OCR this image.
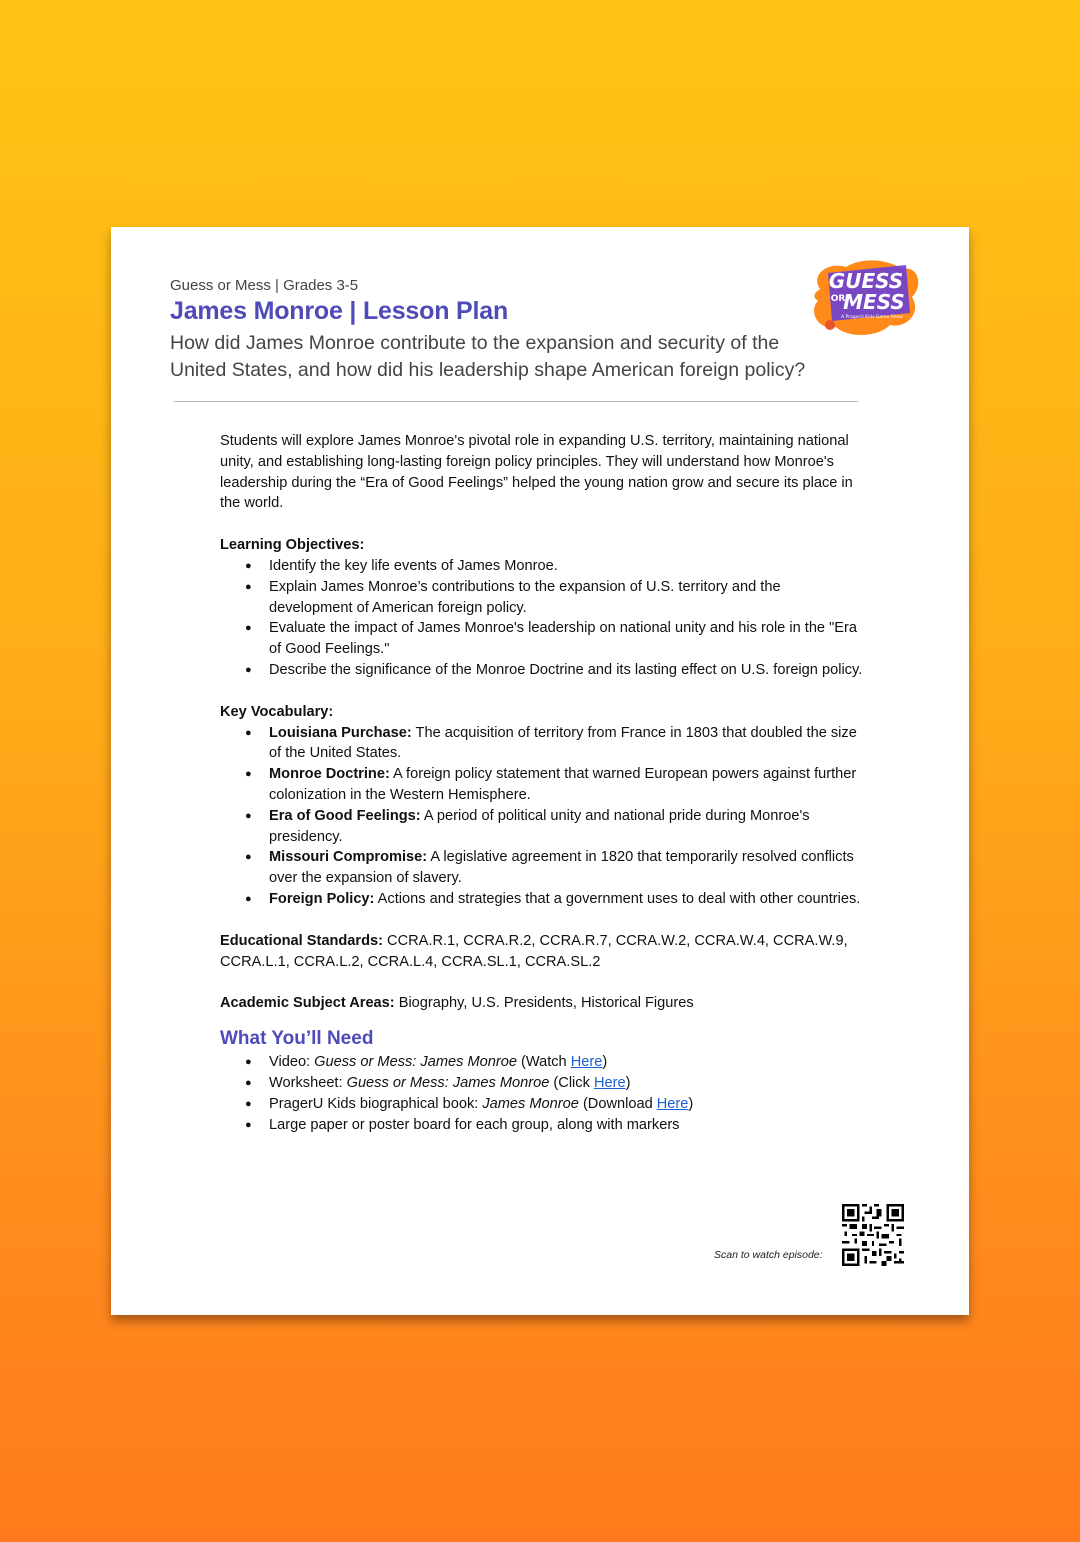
Guess or Mess | Grades 3-5
James Monroe | Lesson Plan
How did James Monroe contribute to the expansion and security of the United States, and how did his leadership shape American foreign policy?
GUESS
OR
MESS
A PragerU Kids Game Show

Students will explore James Monroe's pivotal role in expanding U.S. territory, maintaining national unity, and establishing long-lasting foreign policy principles. They will understand how Monroe's leadership during the “Era of Good Feelings” helped the young nation grow and secure its place in the world.

Learning Objectives:

● Identify the key life events of James Monroe.
● Explain James Monroe’s contributions to the expansion of U.S. territory and the development of American foreign policy.
● Evaluate the impact of James Monroe's leadership on national unity and his role in the "Era of Good Feelings."
● Describe the significance of the Monroe Doctrine and its lasting effect on U.S. foreign policy.

Key Vocabulary:

● Louisiana Purchase: The acquisition of territory from France in 1803 that doubled the size of the United States.
● Monroe Doctrine: A foreign policy statement that warned European powers against further colonization in the Western Hemisphere.
● Era of Good Feelings: A period of political unity and national pride during Monroe's presidency.
● Missouri Compromise: A legislative agreement in 1820 that temporarily resolved conflicts over the expansion of slavery.
● Foreign Policy: Actions and strategies that a government uses to deal with other countries.

Educational Standards: CCRA.R.1, CCRA.R.2, CCRA.R.7, CCRA.W.2, CCRA.W.4, CCRA.W.9, CCRA.L.1, CCRA.L.2, CCRA.L.4, CCRA.SL.1, CCRA.SL.2

Academic Subject Areas: Biography, U.S. Presidents, Historical Figures

What You’ll Need

● Video: Guess or Mess: James Monroe (Watch Here)
● Worksheet: Guess or Mess: James Monroe (Click Here)
● PragerU Kids biographical book: James Monroe (Download Here)
● Large paper or poster board for each group, along with markers
Scan to watch episode:
